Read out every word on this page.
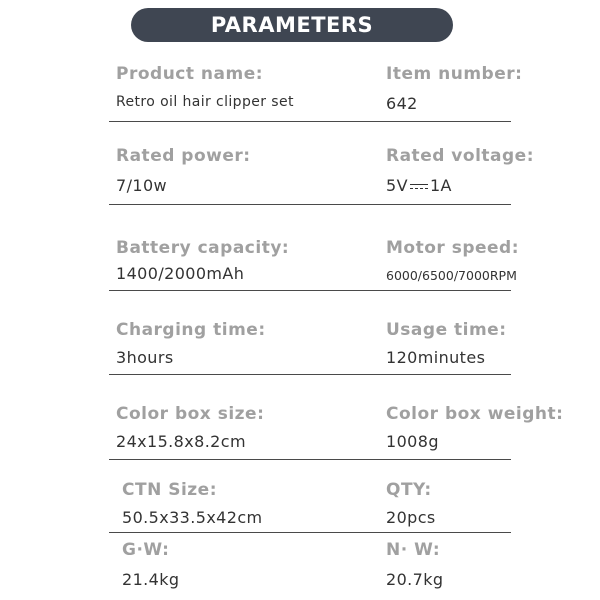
PARAMETERS
Product name:
Retro oil hair clipper set
Item number:
642
Rated power:
7/10w
Rated voltage:
5V 1A
Battery capacity:
1400/2000mAh
Motor speed:
6000/6500/7000RPM
Charging time:
3hours
Usage time:
120minutes
Color box size:
24x15.8x8.2cm
Color box weight:
1008g
CTN Size:
50.5x33.5x42cm
QTY:
20pcs
G·W:
21.4kg
N· W:
20.7kg
